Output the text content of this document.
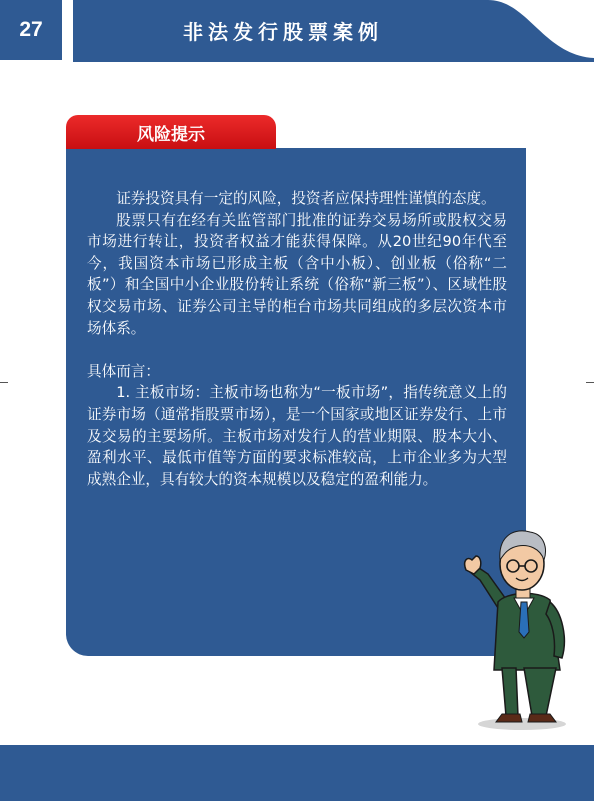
27	非法发行股票案例
风险提示

证券投资具有一定的风险，投资者应保持理性谨慎的态度。

股票只有在经有关监管部门批准的证券交易场所或股权交易市场进行转让，投资者权益才能获得保障。从20世纪90年代至今，我国资本市场已形成主板（含中小板）、创业板（俗称“二板”）和全国中小企业股份转让系统（俗称“新三板”）、区域性股权交易市场、证券公司主导的柜台市场共同组成的多层次资本市场体系。

具体而言：

1. 主板市场：主板市场也称为“一板市场”，指传统意义上的证券市场（通常指股票市场），是一个国家或地区证券发行、上市及交易的主要场所。主板市场对发行人的营业期限、股本大小、盈利水平、最低市值等方面的要求标准较高，上市企业多为大型成熟企业，具有较大的资本规模以及稳定的盈利能力。
